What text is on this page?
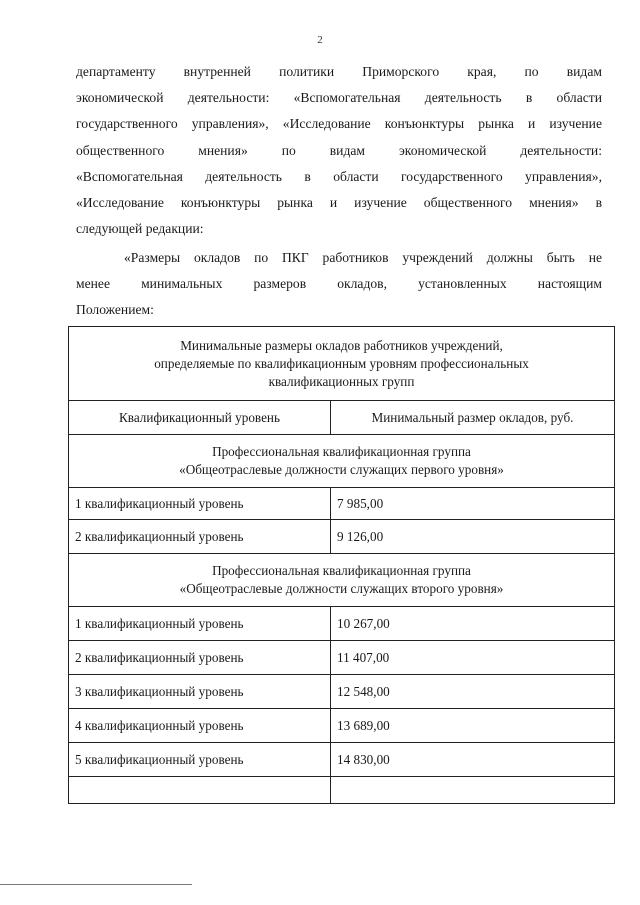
2
департаменту внутренней политики Приморского края, по видам
экономической деятельности: «Вспомогательная деятельность в области
государственного управления», «Исследование конъюнктуры рынка и изучение
общественного мнения» по видам экономической деятельности:
«Вспомогательная деятельность в области государственного управления»,
«Исследование конъюнктуры рынка и изучение общественного мнения» в
следующей редакции:
«Размеры окладов по ПКГ работников учреждений должны быть не
менее минимальных размеров окладов, установленных настоящим
Положением:
Минимальные размеры окладов работников учреждений,
определяемые по квалификационным уровням профессиональных
квалификационных групп	

Квалификационный уровень	Минимальный размер окладов, руб.

Профессиональная квалификационная группа
«Общеотраслевые должности служащих первого уровня»	

1 квалификационный уровень	7 985,00
2 квалификационный уровень	9 126,00

Профессиональная квалификационная группа
«Общеотраслевые должности служащих второго уровня»	

1 квалификационный уровень	10 267,00
2 квалификационный уровень	11 407,00
3 квалификационный уровень	12 548,00
4 квалификационный уровень	13 689,00
5 квалификационный уровень	14 830,00
